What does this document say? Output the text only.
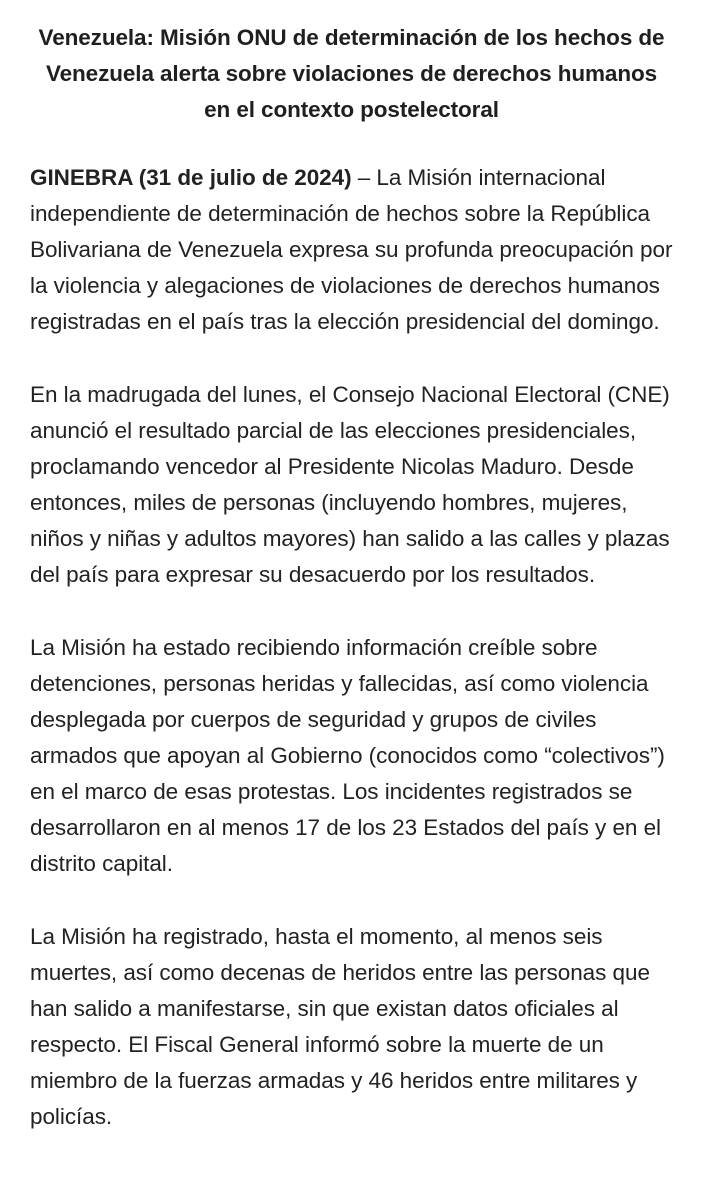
Venezuela: Misión ONU de determinación de los hechos de Venezuela alerta sobre violaciones de derechos humanos en el contexto postelectoral

GINEBRA (31 de julio de 2024) – La Misión internacional independiente de determinación de hechos sobre la República Bolivariana de Venezuela expresa su profunda preocupación por la violencia y alegaciones de violaciones de derechos humanos registradas en el país tras la elección presidencial del domingo.

En la madrugada del lunes, el Consejo Nacional Electoral (CNE) anunció el resultado parcial de las elecciones presidenciales, proclamando vencedor al Presidente Nicolas Maduro. Desde entonces, miles de personas (incluyendo hombres, mujeres, niños y niñas y adultos mayores) han salido a las calles y plazas del país para expresar su desacuerdo por los resultados.

La Misión ha estado recibiendo información creíble sobre detenciones, personas heridas y fallecidas, así como violencia desplegada por cuerpos de seguridad y grupos de civiles armados que apoyan al Gobierno (conocidos como “colectivos”) en el marco de esas protestas. Los incidentes registrados se desarrollaron en al menos 17 de los 23 Estados del país y en el distrito capital.

La Misión ha registrado, hasta el momento, al menos seis muertes, así como decenas de heridos entre las personas que han salido a manifestarse, sin que existan datos oficiales al respecto. El Fiscal General informó sobre la muerte de un miembro de la fuerzas armadas y 46 heridos entre militares y policías.
